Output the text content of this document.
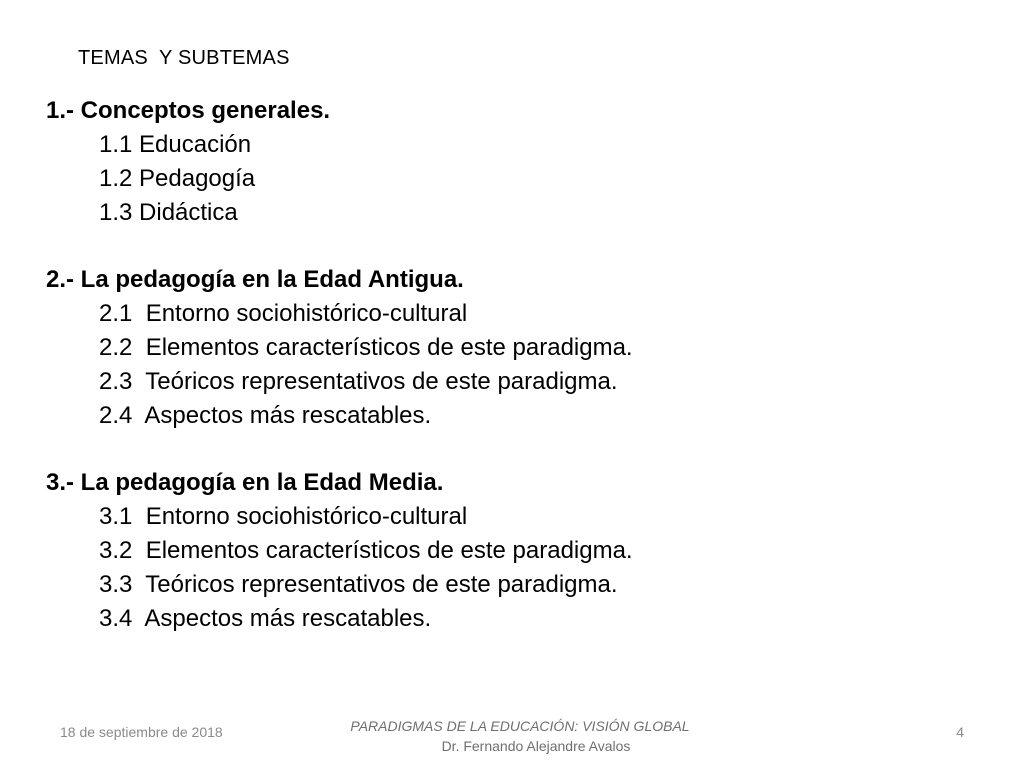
TEMAS  Y SUBTEMAS
1.- Conceptos generales.
1.1 Educación
1.2 Pedagogía
1.3 Didáctica
2.- La pedagogía en la Edad Antigua.
2.1  Entorno sociohistórico-cultural
2.2  Elementos característicos de este paradigma.
2.3  Teóricos representativos de este paradigma.
2.4  Aspectos más rescatables.
3.- La pedagogía en la Edad Media.
3.1  Entorno sociohistórico-cultural
3.2  Elementos característicos de este paradigma.
3.3  Teóricos representativos de este paradigma.
3.4  Aspectos más rescatables.
18 de septiembre de 2018	PARADIGMAS DE LA EDUCACIÓN: VISIÓN GLOBAL
Dr. Fernando Alejandre Avalos
4
